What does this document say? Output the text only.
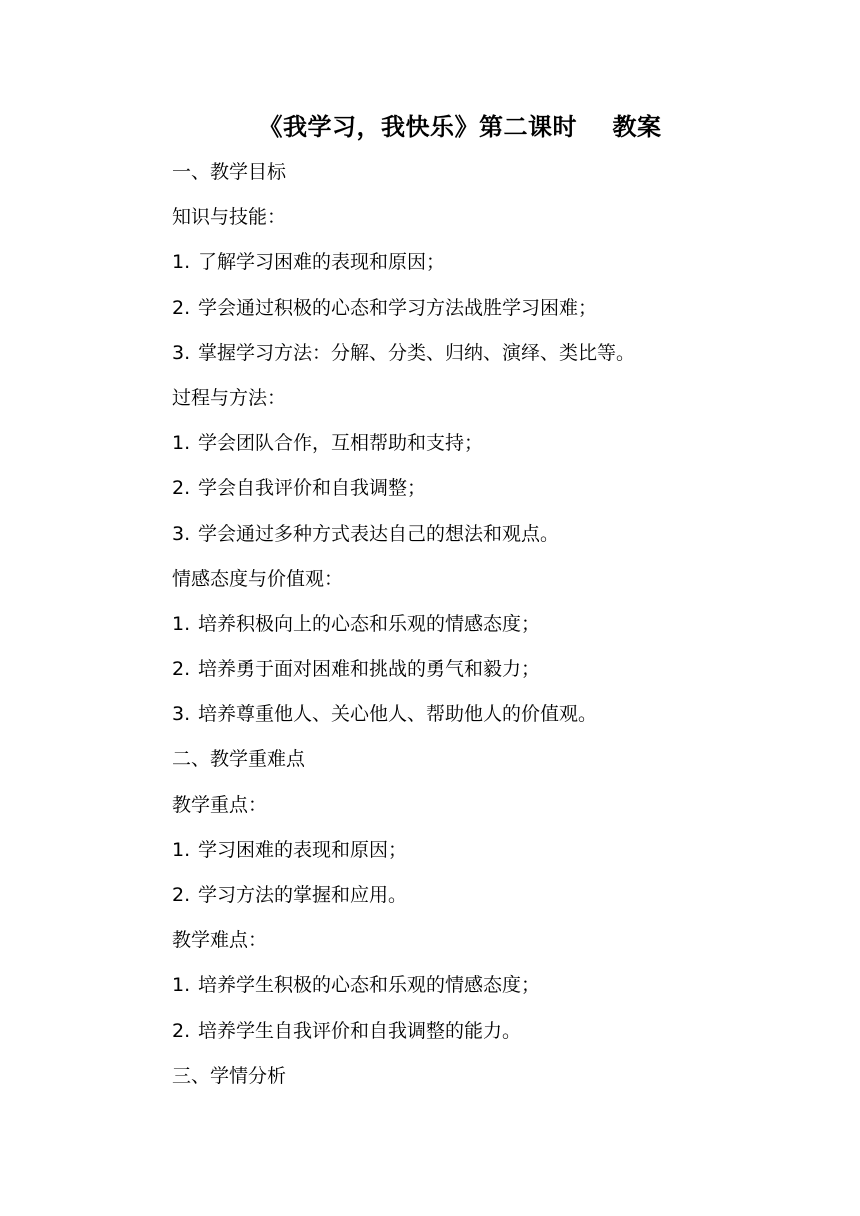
《我学习，我快乐》第二课时    教案
一、教学目标
知识与技能：
1. 了解学习困难的表现和原因；
2. 学会通过积极的心态和学习方法战胜学习困难；
3. 掌握学习方法：分解、分类、归纳、演绎、类比等。
过程与方法：
1. 学会团队合作，互相帮助和支持；
2. 学会自我评价和自我调整；
3. 学会通过多种方式表达自己的想法和观点。
情感态度与价值观：
1. 培养积极向上的心态和乐观的情感态度；
2. 培养勇于面对困难和挑战的勇气和毅力；
3. 培养尊重他人、关心他人、帮助他人的价值观。
二、教学重难点
教学重点：
1. 学习困难的表现和原因；
2. 学习方法的掌握和应用。
教学难点：
1. 培养学生积极的心态和乐观的情感态度；
2. 培养学生自我评价和自我调整的能力。
三、学情分析
